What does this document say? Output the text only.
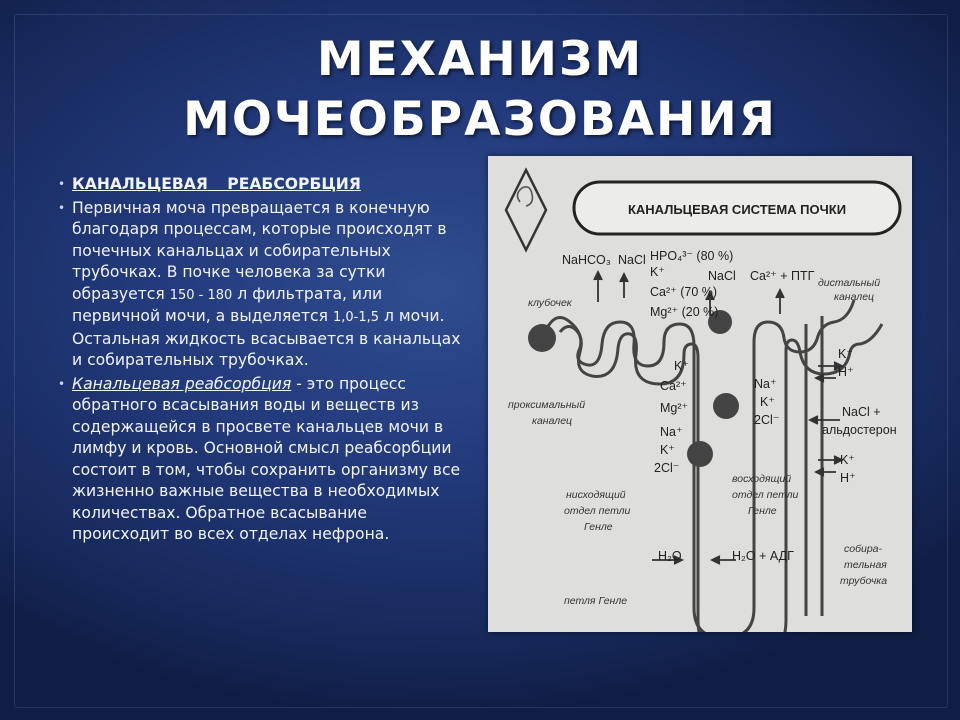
МЕХАНИЗМ
МОЧЕОБРАЗОВАНИЯ
• КАНАЛЬЦЕВАЯ РЕАБСОРБЦИЯ
• Первичная моча превращается в конечную благодаря процессам, которые происходят в почечных канальцах и собирательных трубочках. В почке человека за сутки образуется 150 - 180 л фильтрата, или первичной мочи, а выделяется 1,0-1,5 л мочи. Остальная жидкость всасывается в канальцах и собирательных трубочках.
• Канальцевая реабсорбция - это процесс обратного всасывания воды и веществ из содержащейся в просвете канальцев мочи в лимфу и кровь. Основной смысл реабсорбции состоит в том, чтобы сохранить организму все жизненно важные вещества в необходимых количествах. Обратное всасывание происходит во всех отделах нефрона.
КАНАЛЬЦЕВАЯ СИСТЕМА ПОЧКИ
NaHCO₃ NaCl HPO₄³⁻ (80 %)
K⁺
Ca²⁺ (70 %)
Mg²⁺ (20 %)
NaCl Ca²⁺ + ПТГ дистальный
каналец
клубочек
K⁺
H⁺
K⁺
Ca²⁺
Mg²⁺
Na⁺
K⁺
2Cl⁻
NaCl +
альдостерон
проксимальный
каналец
Na⁺
K⁺
2Cl⁻
K⁺
H⁺
восходящий
отдел петли
Генле
нисходящий
отдел петли
Генле
H₂O	H₂O + АДГ	собира-
тельная
трубочка
петля Генле
